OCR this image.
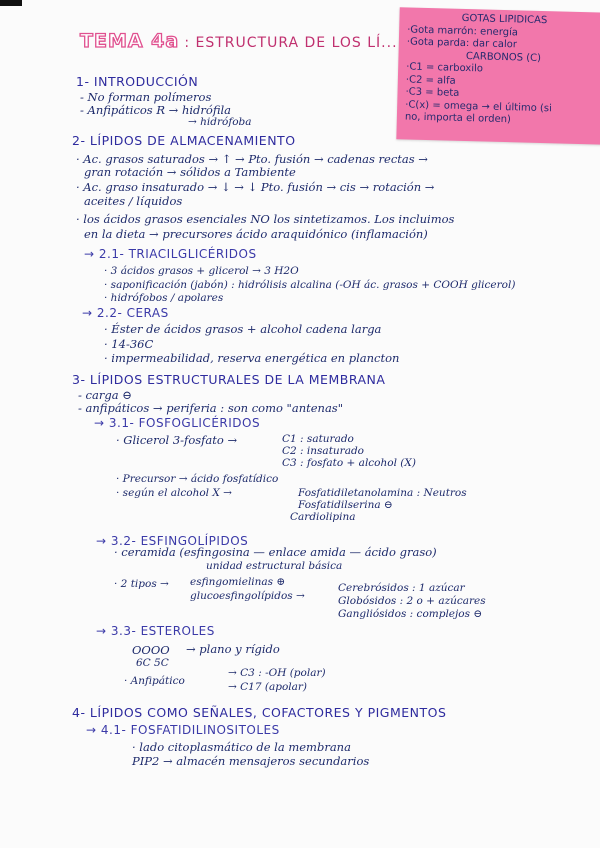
TEMA 4a : ESTRUCTURA DE LOS LÍ...
GOTAS LIPÍDICAS
·Gota marrón: energía
·Gota parda: dar calor
CARBONOS (C)
·C1 = carboxilo
·C2 = alfa
·C3 = beta
·C(x) = omega → el último (si
no, importa el orden)
1- INTRODUCCIÓN
- No forman polímeros
- Anfipáticos R → hidrófila
→ hidrófoba
2- LÍPIDOS DE ALMACENAMIENTO
· Ac. grasos saturados → ↑ → Pto. fusión → cadenas rectas →
gran rotación → sólidos a Tambiente
· Ac. graso insaturado → ↓ → ↓ Pto. fusión → cis → rotación →
aceites / líquidos
· los ácidos grasos esenciales NO los sintetizamos. Los incluimos
en la dieta → precursores ácido araquidónico (inflamación)
→ 2.1- TRIACILGLICÉRIDOS
· 3 ácidos grasos + glicerol → 3 H2O
· saponificación (jabón) : hidrólisis alcalina (-OH ác. grasos + COOH glicerol)
· hidrófobos / apolares
→ 2.2- CERAS
· Éster de ácidos grasos + alcohol cadena larga
· 14-36C
· impermeabilidad, reserva energética en plancton
3- LÍPIDOS ESTRUCTURALES DE LA MEMBRANA
- carga ⊖
- anfipáticos → periferia : son como "antenas"
→ 3.1- FOSFOGLICÉRIDOS
· Glicerol 3-fosfato →	C1 : saturado
C2 : insaturado
C3 : fosfato + alcohol (X)
· Precursor → ácido fosfatídico
· según el alcohol X →	Fosfatidiletanolamina : Neutros
Fosfatidilserina ⊖
Cardiolipina
→ 3.2- ESFINGOLÍPIDOS
· ceramida (esfingosina — enlace amida — ácido graso)
unidad estructural básica
· 2 tipos → esfingomielinas ⊕
glucoesfingolípidos →
Cerebrósidos : 1 azúcar
Globósidos : 2 o + azúcares
Gangliósidos : complejos ⊖
→ 3.3- ESTEROLES
OOOO → plano y rígido
6C 5C
· Anfipático
→ C3 : -OH (polar)
→ C17 (apolar)
4- LÍPIDOS COMO SEÑALES, COFACTORES Y PIGMENTOS
→ 4.1- FOSFATIDILINOSITOLES
· lado citoplasmático de la membrana
PIP2 → almacén mensajeros secundarios
